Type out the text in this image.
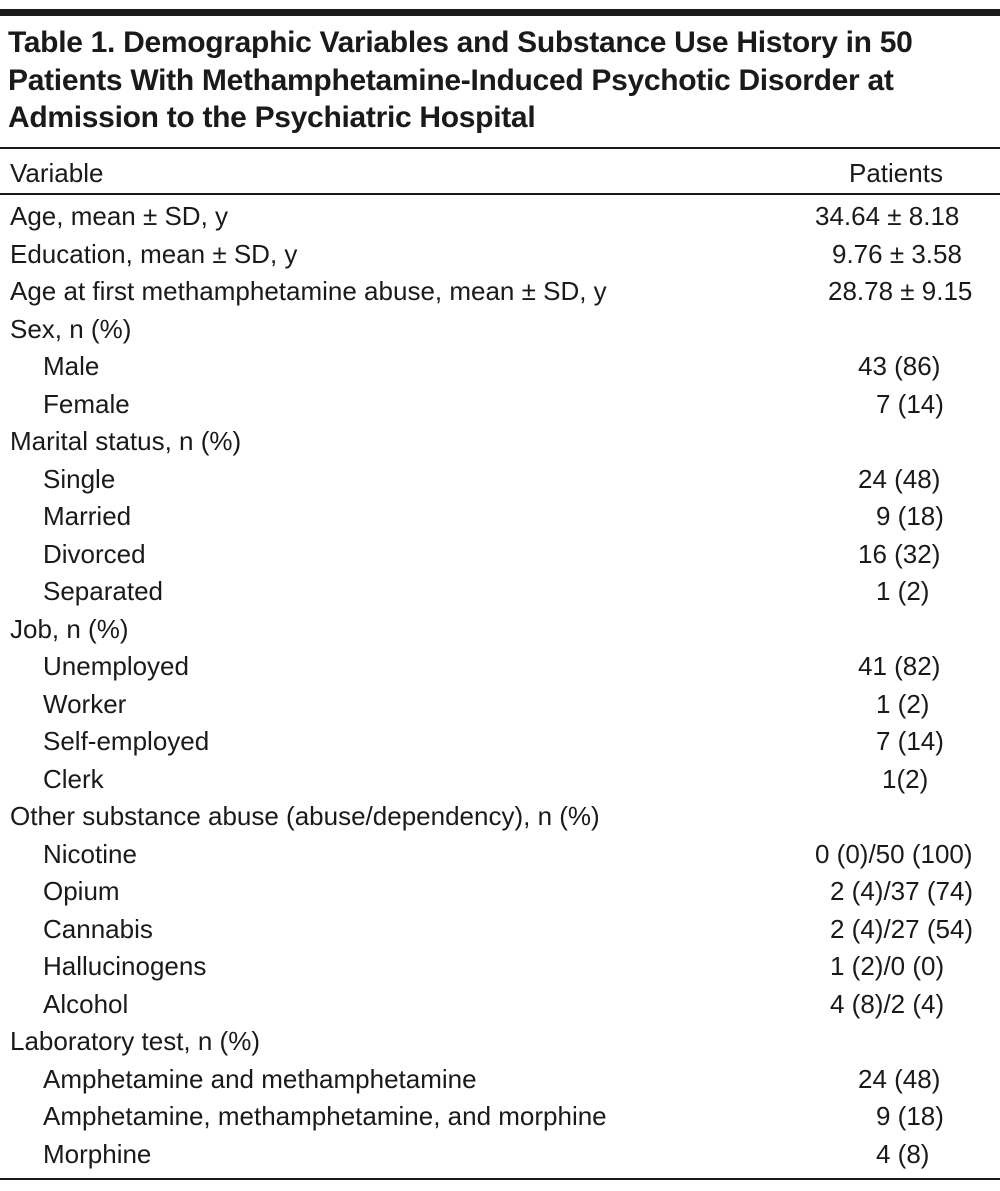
Table 1. Demographic Variables and Substance Use History in 50 Patients With Methamphetamine-Induced Psychotic Disorder at Admission to the Psychiatric Hospital
Variable	Patients
Age, mean ± SD, y	34.64 ± 8.18
Education, mean ± SD, y	9.76 ± 3.58
Age at first methamphetamine abuse, mean ± SD, y	28.78 ± 9.15
Sex, n (%)
Male	43 (86)
Female	7 (14)
Marital status, n (%)
Single	24 (48)
Married	9 (18)
Divorced	16 (32)
Separated	1 (2)
Job, n (%)
Unemployed	41 (82)
Worker	1 (2)
Self-employed	7 (14)
Clerk	1(2)
Other substance abuse (abuse/dependency), n (%)
Nicotine	0 (0)/50 (100)
Opium	2 (4)/37 (74)
Cannabis	2 (4)/27 (54)
Hallucinogens	1 (2)/0 (0)
Alcohol	4 (8)/2 (4)
Laboratory test, n (%)
Amphetamine and methamphetamine	24 (48)
Amphetamine, methamphetamine, and morphine	9 (18)
Morphine	4 (8)
